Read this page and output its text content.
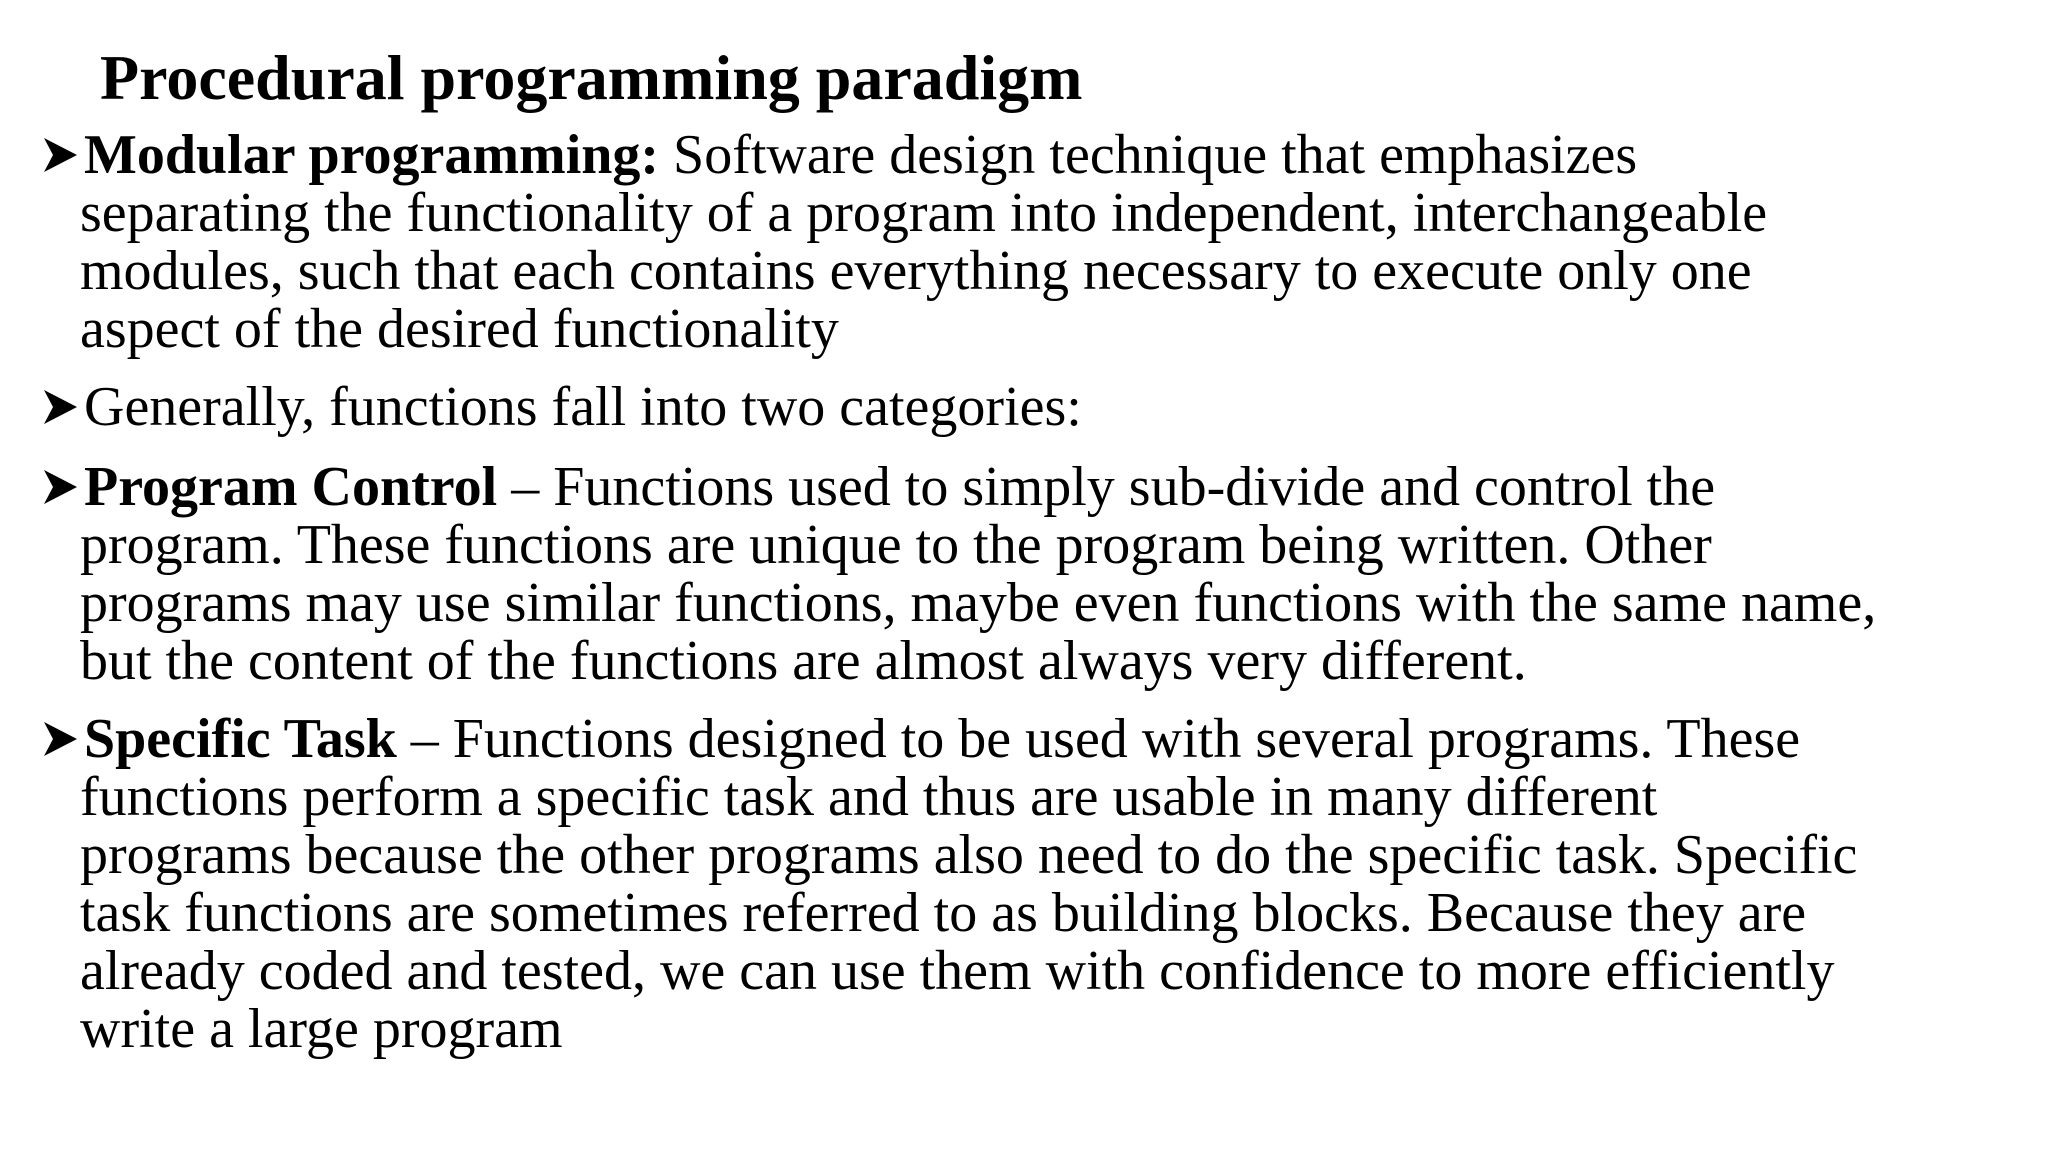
Procedural programming paradigm
Modular programming: Software design technique that emphasizes
separating the functionality of a program into independent, interchangeable
modules, such that each contains everything necessary to execute only one
aspect of the desired functionality
Generally, functions fall into two categories:
Program Control – Functions used to simply sub-divide and control the
program. These functions are unique to the program being written. Other
programs may use similar functions, maybe even functions with the same name,
but the content of the functions are almost always very different.
Specific Task – Functions designed to be used with several programs. These
functions perform a specific task and thus are usable in many different
programs because the other programs also need to do the specific task. Specific
task functions are sometimes referred to as building blocks. Because they are
already coded and tested, we can use them with confidence to more efficiently
write a large program
